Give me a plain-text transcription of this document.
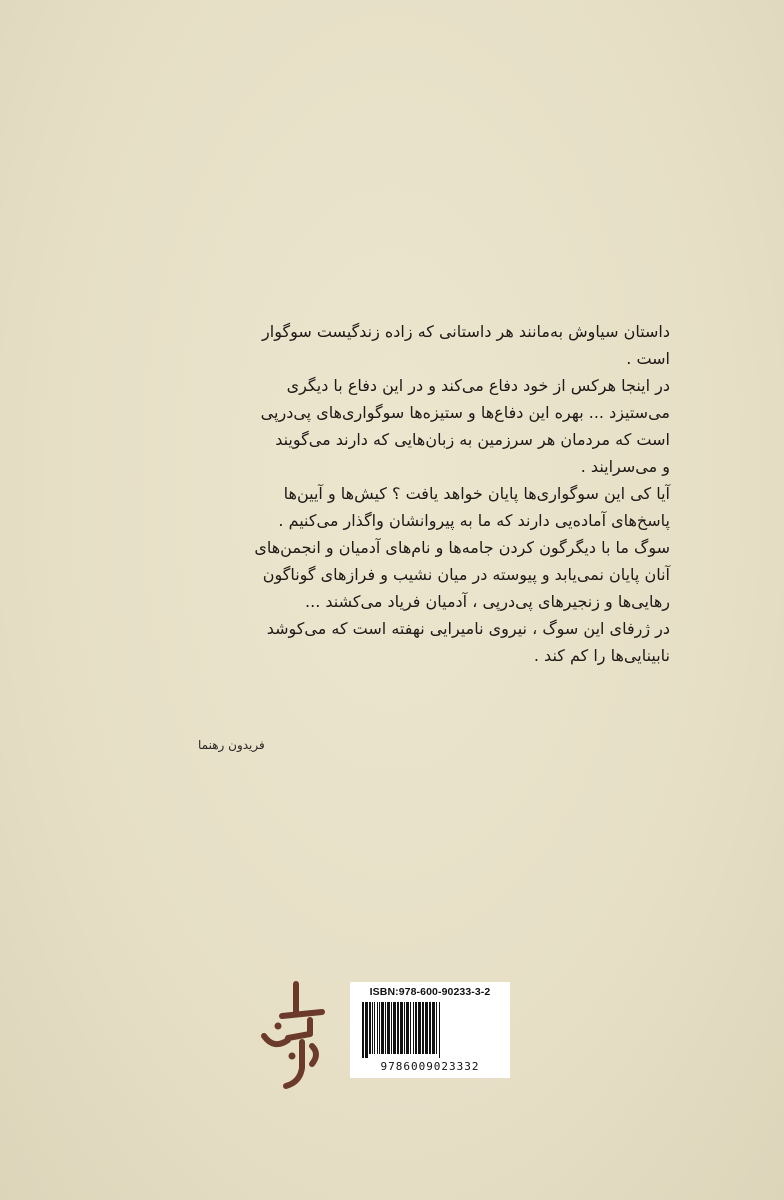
داستان سیاوش به‌مانند هر داستانی که زاده زندگیست سوگوار
است .
در اینجا هرکس از خود دفاع می‌کند و در این دفاع با دیگری
می‌ستیزد ... بهره این دفاع‌ها و ستیزه‌ها سوگواری‌های پی‌درپی
است که مردمان هر سرزمین به زبان‌هایی که دارند می‌گویند
و می‌سرایند .
آیا کی این سوگواری‌ها پایان خواهد یافت ؟ کیش‌ها و آیین‌ها
پاسخ‌های آماده‌یی دارند که ما به پیروانشان واگذار می‌کنیم .
سوگ ما با دیگرگون کردن جامه‌ها و نام‌های آدمیان و انجمن‌های
آنان پایان نمی‌یابد و پیوسته در میان نشیب و فرازهای گوناگون
رهایی‌ها و زنجیرهای پی‌درپی ، آدمیان فریاد می‌کشند ...
در ژرفای این سوگ ، نیروی نامیرایی نهفته است که می‌کوشد
نابینایی‌ها را کم کند .
فریدون رهنما
ISBN:978-600-90233-3-2
9786009023332
